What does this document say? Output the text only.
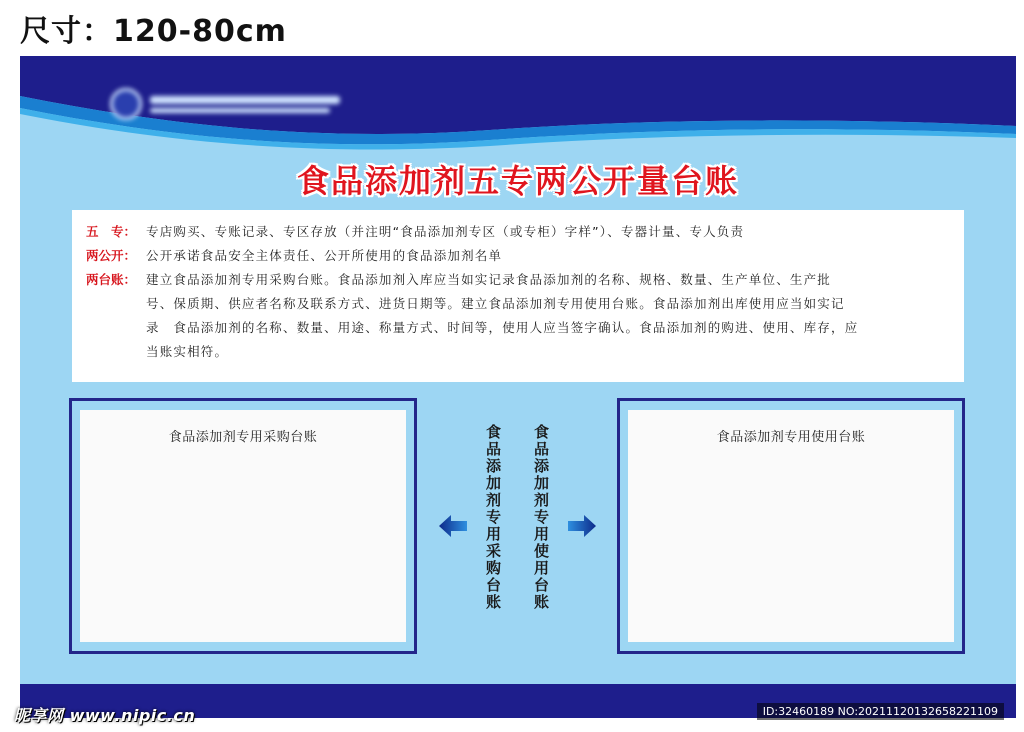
尺寸：120-80cm
食品添加剂五专两公开量台账
五　专： 专店购买、专账记录、专区存放（并注明“食品添加剂专区（或专柜）字样”）、专器计量、专人负责
两公开： 公开承诺食品安全主体责任、公开所使用的食品添加剂名单
两台账： 建立食品添加剂专用采购台账。食品添加剂入库应当如实记录食品添加剂的名称、规格、数量、生产单位、生产批
号、保质期、供应者名称及联系方式、进货日期等。建立食品添加剂专用使用台账。食品添加剂出库使用应当如实记
录　食品添加剂的名称、数量、用途、称量方式、时间等，使用人应当签字确认。食品添加剂的购进、使用、库存，应
当账实相符。
食品添加剂专用采购台账	食品添加剂专用采购台账 食品添加剂专用使用台账	食品添加剂专用使用台账
昵享网 www.nipic.cn	ID:32460189 NO:20211120132658221109
